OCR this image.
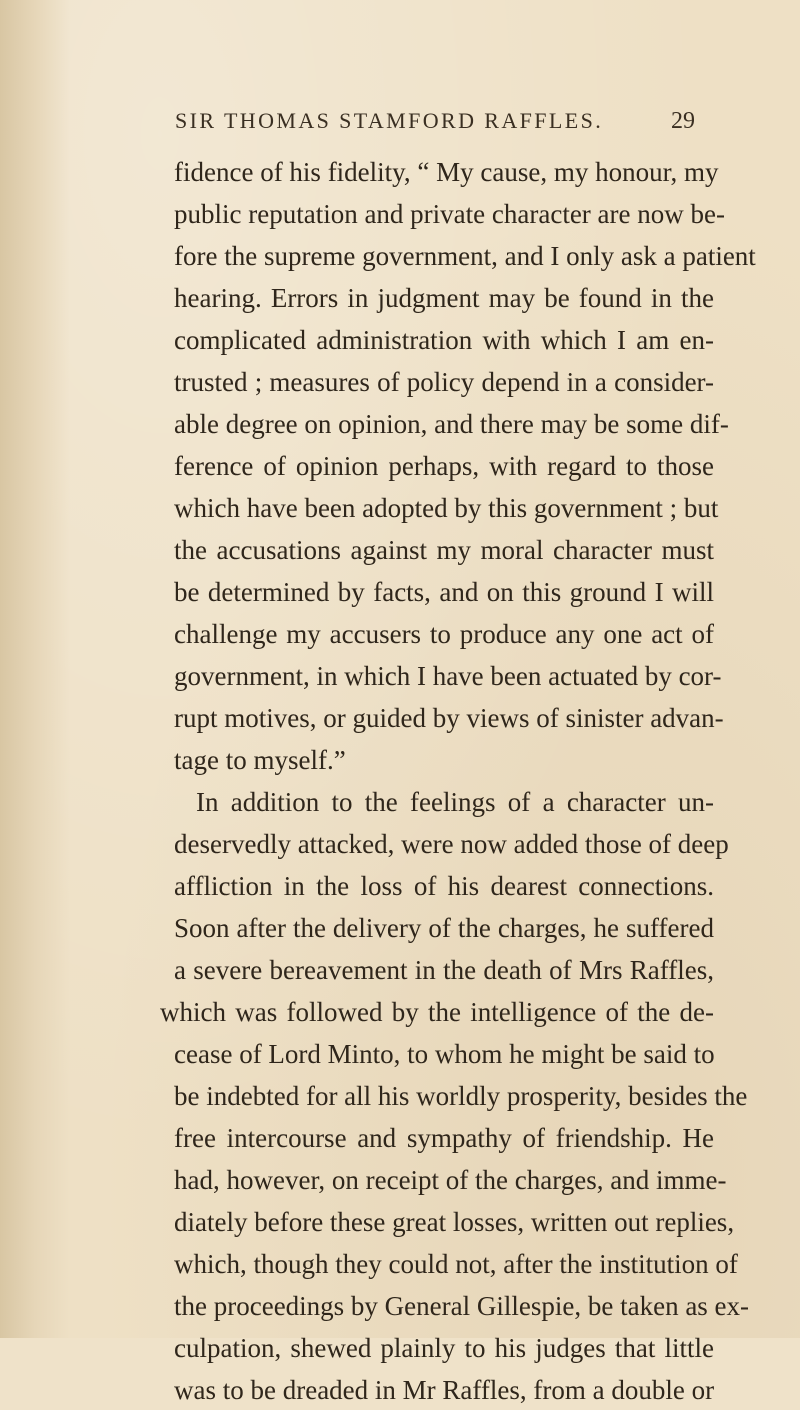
SIR THOMAS STAMFORD RAFFLES.	29
fidence of his fidelity, “ My cause, my honour, my
public reputation and private character are now be-
fore the supreme government, and I only ask a patient
hearing. Errors in judgment may be found in the
complicated administration with which I am en-
trusted ; measures of policy depend in a consider-
able degree on opinion, and there may be some dif-
ference of opinion perhaps, with regard to those
which have been adopted by this government ; but
the accusations against my moral character must
be determined by facts, and on this ground I will
challenge my accusers to produce any one act of
government, in which I have been actuated by cor-
rupt motives, or guided by views of sinister advan-
tage to myself.”
In addition to the feelings of a character un-
deservedly attacked, were now added those of deep
affliction in the loss of his dearest connections.
Soon after the delivery of the charges, he suffered
a severe bereavement in the death of Mrs Raffles,
which was followed by the intelligence of the de-
cease of Lord Minto, to whom he might be said to
be indebted for all his worldly prosperity, besides the
free intercourse and sympathy of friendship. He
had, however, on receipt of the charges, and imme-
diately before these great losses, written out replies,
which, though they could not, after the institution of
the proceedings by General Gillespie, be taken as ex-
culpation, shewed plainly to his judges that little
was to be dreaded in Mr Raffles, from a double or
